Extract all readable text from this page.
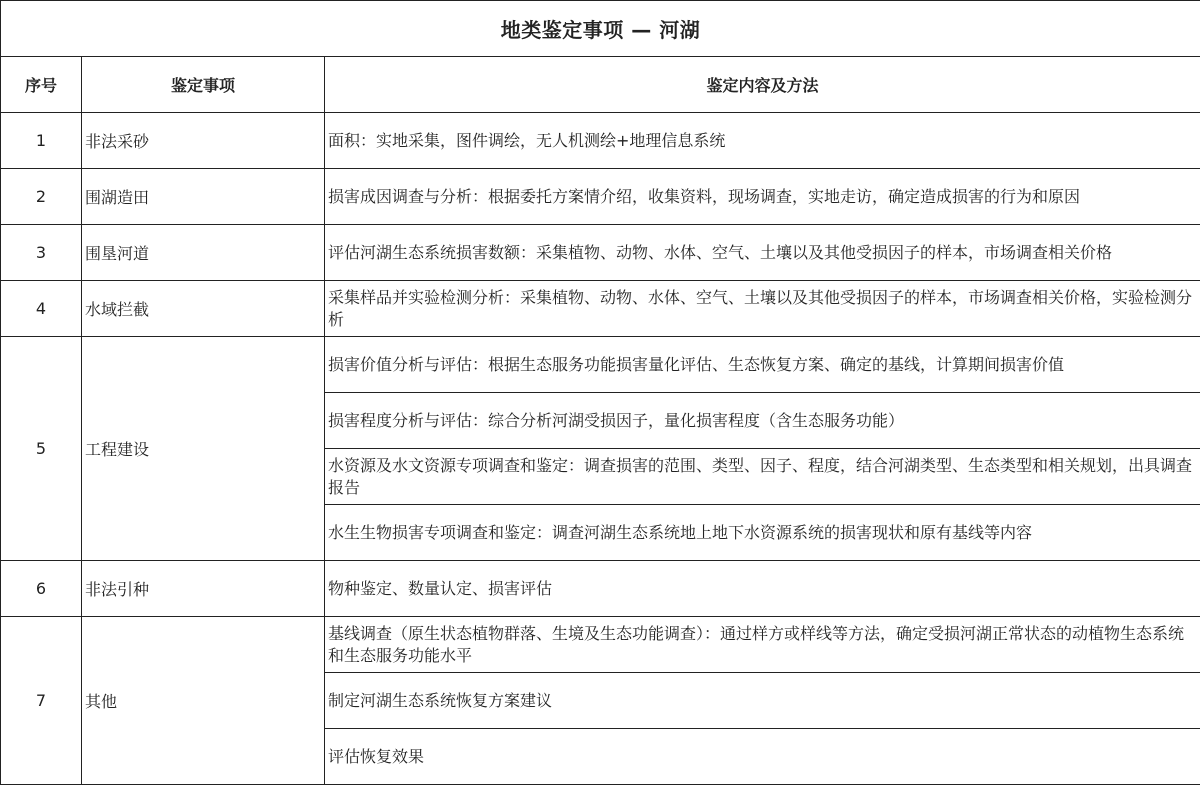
地类鉴定事项 — 河湖		
序号	鉴定事项	鉴定内容及方法
1	非法采砂	面积：实地采集，图件调绘，无人机测绘+地理信息系统
2	围湖造田	损害成因调查与分析：根据委托方案情介绍，收集资料，现场调查，实地走访，确定造成损害的行为和原因
3	围垦河道	评估河湖生态系统损害数额：采集植物、动物、水体、空气、土壤以及其他受损因子的样本，市场调查相关价格
4	水域拦截	采集样品并实验检测分析：采集植物、动物、水体、空气、土壤以及其他受损因子的样本，市场调查相关价格，实验检测分析
5	工程建设	损害价值分析与评估：根据生态服务功能损害量化评估、生态恢复方案、确定的基线，计算期间损害价值
		损害程度分析与评估：综合分析河湖受损因子，量化损害程度（含生态服务功能）
		水资源及水文资源专项调查和鉴定：调查损害的范围、类型、因子、程度，结合河湖类型、生态类型和相关规划，出具调查报告
		水生生物损害专项调查和鉴定：调查河湖生态系统地上地下水资源系统的损害现状和原有基线等内容
6	非法引种	物种鉴定、数量认定、损害评估
7	其他	基线调查（原生状态植物群落、生境及生态功能调查）：通过样方或样线等方法，确定受损河湖正常状态的动植物生态系统和生态服务功能水平
		制定河湖生态系统恢复方案建议
		评估恢复效果
